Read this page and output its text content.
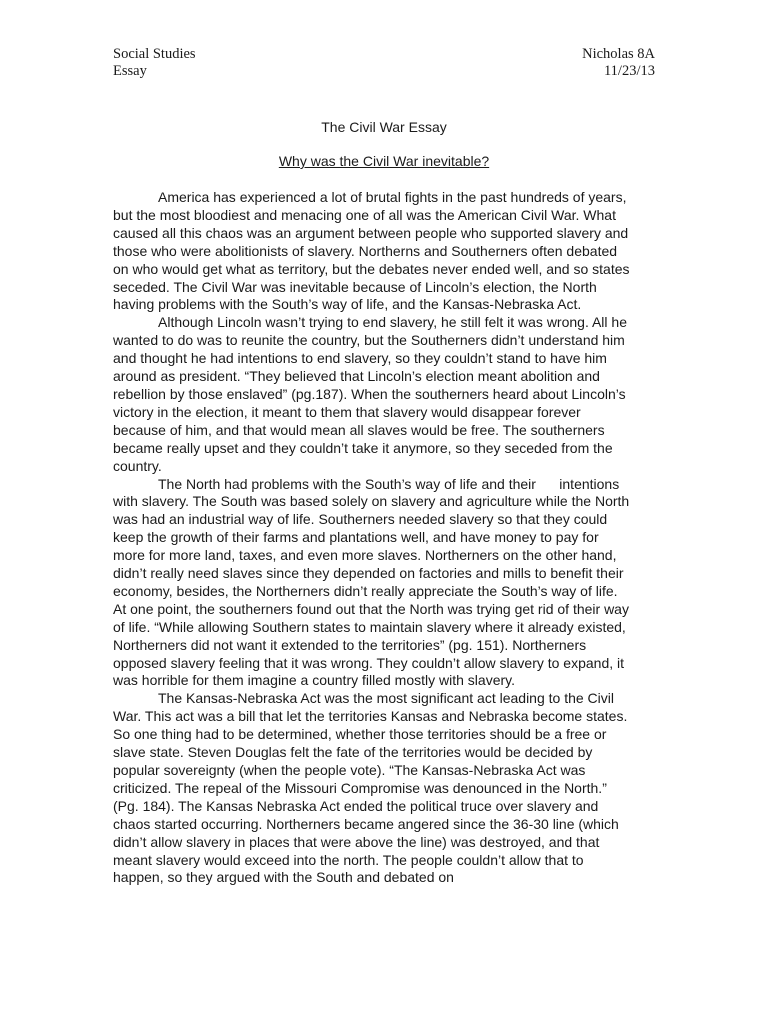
Social Studies
Essay
Nicholas 8A
11/23/13
The Civil War Essay
Why was the Civil War inevitable?

America has experienced a lot of brutal fights in the past hundreds of years, but the most bloodiest and menacing one of all was the American Civil War. What caused all this chaos was an argument between people who supported slavery and those who were abolitionists of slavery. Northerns and Southerners often debated on who would get what as territory, but the debates never ended well, and so states seceded. The Civil War was inevitable because of Lincoln’s election, the North having problems with the South’s way of life, and the Kansas-Nebraska Act.

Although Lincoln wasn’t trying to end slavery, he still felt it was wrong. All he wanted to do was to reunite the country, but the Southerners didn’t understand him and thought he had intentions to end slavery, so they couldn’t stand to have him around as president. “They believed that Lincoln’s election meant abolition and rebellion by those enslaved” (pg.187). When the southerners heard about Lincoln’s victory in the election, it meant to them that slavery would disappear forever because of him, and that would mean all slaves would be free. The southerners became really upset and they couldn’t take it anymore, so they seceded from the country.

The North had problems with the South’s way of life and their      intentions with slavery. The South was based solely on slavery and agriculture while the North was had an industrial way of life. Southerners needed slavery so that they could keep the growth of their farms and plantations well, and have money to pay for more for more land, taxes, and even more slaves. Northerners on the other hand, didn’t really need slaves since they depended on factories and mills to benefit their economy, besides, the Northerners didn’t really appreciate the South’s way of life. At one point, the southerners found out that the North was trying get rid of their way of life. “While allowing Southern states to maintain slavery where it already existed, Northerners did not want it extended to the territories” (pg. 151). Northerners opposed slavery feeling that it was wrong. They couldn’t allow slavery to expand, it was horrible for them imagine a country filled mostly with slavery.

The Kansas-Nebraska Act was the most significant act leading to the Civil War. This act was a bill that let the territories Kansas and Nebraska become states. So one thing had to be determined, whether those territories should be a free or slave state. Steven Douglas felt the fate of the territories would be decided by popular sovereignty (when the people vote). “The Kansas-Nebraska Act was criticized. The repeal of the Missouri Compromise was denounced in the North.” (Pg. 184). The Kansas Nebraska Act ended the political truce over slavery and chaos started occurring. Northerners became angered since the 36-30 line (which didn’t allow slavery in places that were above the line) was destroyed, and that meant slavery would exceed into the north. The people couldn’t allow that to happen, so they argued with the South and debated on
